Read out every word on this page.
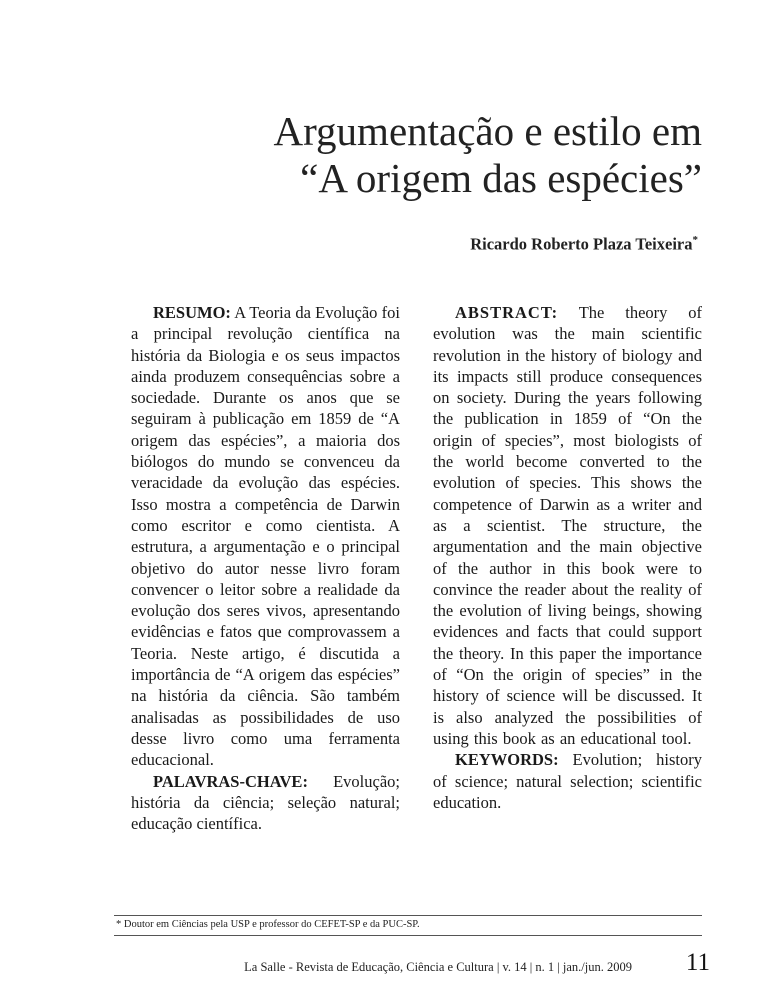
Argumentação e estilo em
“A origem das espécies”
Ricardo Roberto Plaza Teixeira*

RESUMO: A Teoria da Evolução foi a principal revolução científica na história da Biologia e os seus impactos ainda produzem consequências sobre a sociedade. Durante os anos que se seguiram à publicação em 1859 de “A origem das espécies”, a maioria dos biólogos do mundo se convenceu da veracidade da evolução das espécies. Isso mostra a competência de Darwin como escritor e como cientista. A estrutura, a argumentação e o principal objetivo do autor nesse livro foram convencer o leitor sobre a realidade da evolução dos seres vivos, apresentando evidências e fatos que comprovassem a Teoria. Neste artigo, é discutida a importância de “A origem das espécies” na história da ciência. São também analisadas as possibilidades de uso desse livro como uma ferramenta educacional.

PALAVRAS-CHAVE: Evolução; história da ciência; seleção natural; educação científica.

ABSTRACT: The theory of evolution was the main scientific revolution in the history of biology and its impacts still produce consequences on society. During the years following the publication in 1859 of “On the origin of species”, most biologists of the world become converted to the evolution of species. This shows the competence of Darwin as a writer and as a scientist. The structure, the argumentation and the main objective of the author in this book were to convince the reader about the reality of the evolution of living beings, showing evidences and facts that could support the theory. In this paper the importance of “On the origin of species” in the history of science will be discussed. It is also analyzed the possibilities of using this book as an educational tool.

KEYWORDS: Evolution; history of science; natural selection; scientific education.

* Doutor em Ciências pela USP e professor do CEFET-SP e da PUC-SP.
La Salle - Revista de Educação, Ciência e Cultura | v. 14 | n. 1 | jan./jun. 2009 11
